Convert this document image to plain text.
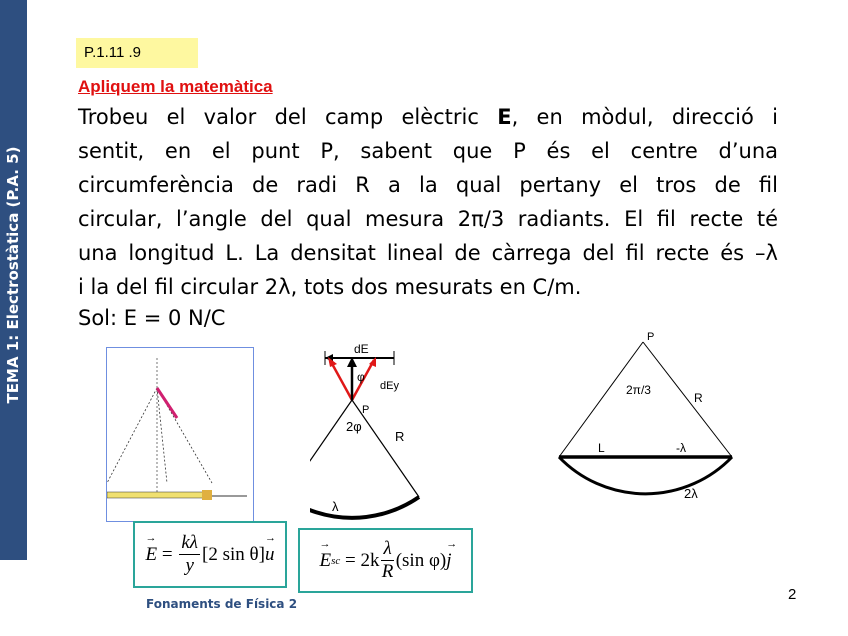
TEMA 1: Electrostàtica (P.A. 5)
P.1.11 .9
Apliquem la matemàtica

Trobeu el valor del camp elèctric E, en mòdul, direcció i
sentit, en el punt P, sabent que P és el centre d’una
circumferència de radi R a la qual pertany el tros de fil
circular, l’angle del qual mesura 2π/3 radiants. El fil recte té
una longitud L. La densitat lineal de càrrega del fil recte és –λ
i la del fil circular 2λ, tots dos mesurats en C/m.

Sol: E = 0 N/C
dE
φ
dEy
P
2φ
R
λ
P
2π/3
R
L	-λ
2λ
→ $E = \frac{k\lambda}{y} [2$ sin θ] → u → E sc
= $2k \frac{\lambda}{R} (\sin$ φ) → j
Fonaments de Física 2
2
